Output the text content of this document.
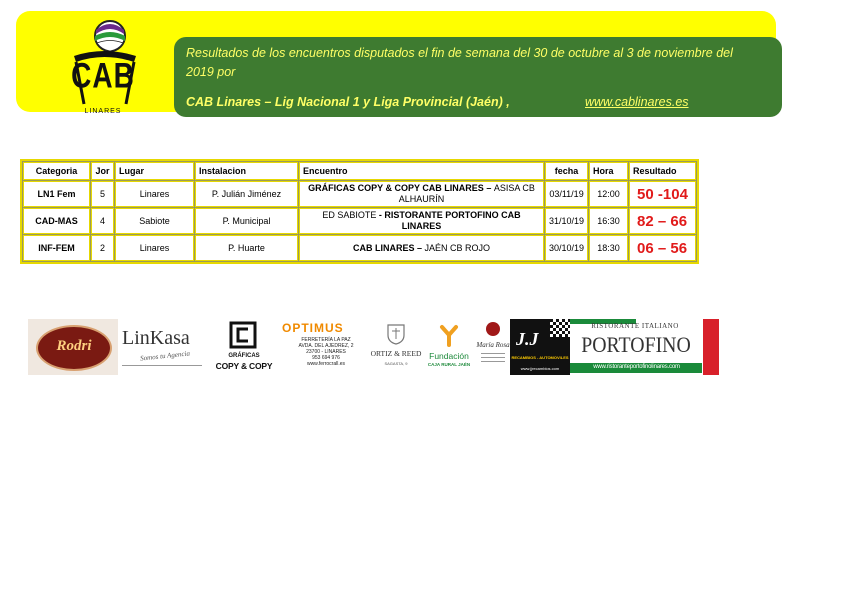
CAB
LINARES
Resultados de los encuentros disputados el fin de semana del 30 de octubre al 3 de noviembre del
2019 por
CAB Linares – Lig Nacional 1 y Liga Provincial (Jaén) ,	www.cablinares.es
Categoria	Jor	Lugar	Instalacion	Encuentro	fecha	Hora	Resultado
LN1 Fem	5	Linares	P. Julián Jiménez	GRÁFICAS COPY & COPY CAB LINARES – ASISA CB ALHAURÍN	03/11/19	12:00	50 -104
CAD-MAS	4	Sabiote	P. Municipal	ED SABIOTE - RISTORANTE PORTOFINO CAB LINARES	31/10/19	16:30	82 – 66
INF-FEM	2	Linares	P. Huarte	CAB LINARES – JAÉN CB ROJO	30/10/19	18:30	06 – 56
Rodri	LinKasa
Somos tu Agencia	GRÁFICAS
COPY & COPY
OPTIMUS
FERRETERÍA LA PAZ
AVDA. DEL AJEDREZ, 2
23700 - LINARES
953 694 976
www.ferrocrall.es
ORTIZ & REED
SAGASTA, 9
Fundación
CAJA RURAL JAÉN
María Rosa J.J
RECAMBIOS - AUTOMOVILES
www.jjrecambios.com
RISTORANTE ITALIANO
PORTOFINO
www.ristoranteportofinolinares.com
